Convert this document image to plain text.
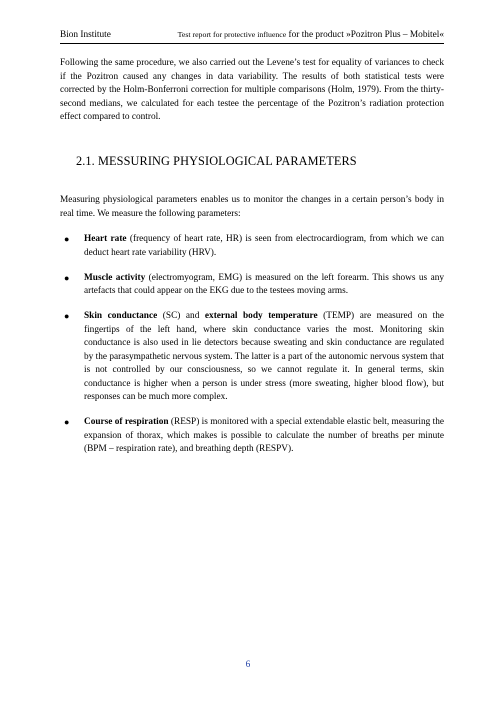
Bion Institute	Test report for protective influence for the product »Pozitron Plus – Mobitel«

Following the same procedure, we also carried out the Levene’s test for equality of variances to check if the Pozitron caused any changes in data variability. The results of both statistical tests were corrected by the Holm-Bonferroni correction for multiple comparisons (Holm, 1979). From the thirty-second medians, we calculated for each testee the percentage of the Pozitron’s radiation protection effect compared to control.

2.1. MESSURING PHYSIOLOGICAL PARAMETERS

Measuring physiological parameters enables us to monitor the changes in a certain person’s body in real time. We measure the following parameters:

● Heart rate (frequency of heart rate, HR) is seen from electrocardiogram, from which we can deduct heart rate variability (HRV).
● Muscle activity (electromyogram, EMG) is measured on the left forearm. This shows us any artefacts that could appear on the EKG due to the testees moving arms.
● Skin conductance (SC) and external body temperature (TEMP) are measured on the fingertips of the left hand, where skin conductance varies the most. Monitoring skin conductance is also used in lie detectors because sweating and skin conductance are regulated by the parasympathetic nervous system. The latter is a part of the autonomic nervous system that is not controlled by our consciousness, so we cannot regulate it. In general terms, skin conductance is higher when a person is under stress (more sweating, higher blood flow), but responses can be much more complex.
● Course of respiration (RESP) is monitored with a special extendable elastic belt, measuring the expansion of thorax, which makes is possible to calculate the number of breaths per minute (BPM – respiration rate), and breathing depth (RESPV).
6
